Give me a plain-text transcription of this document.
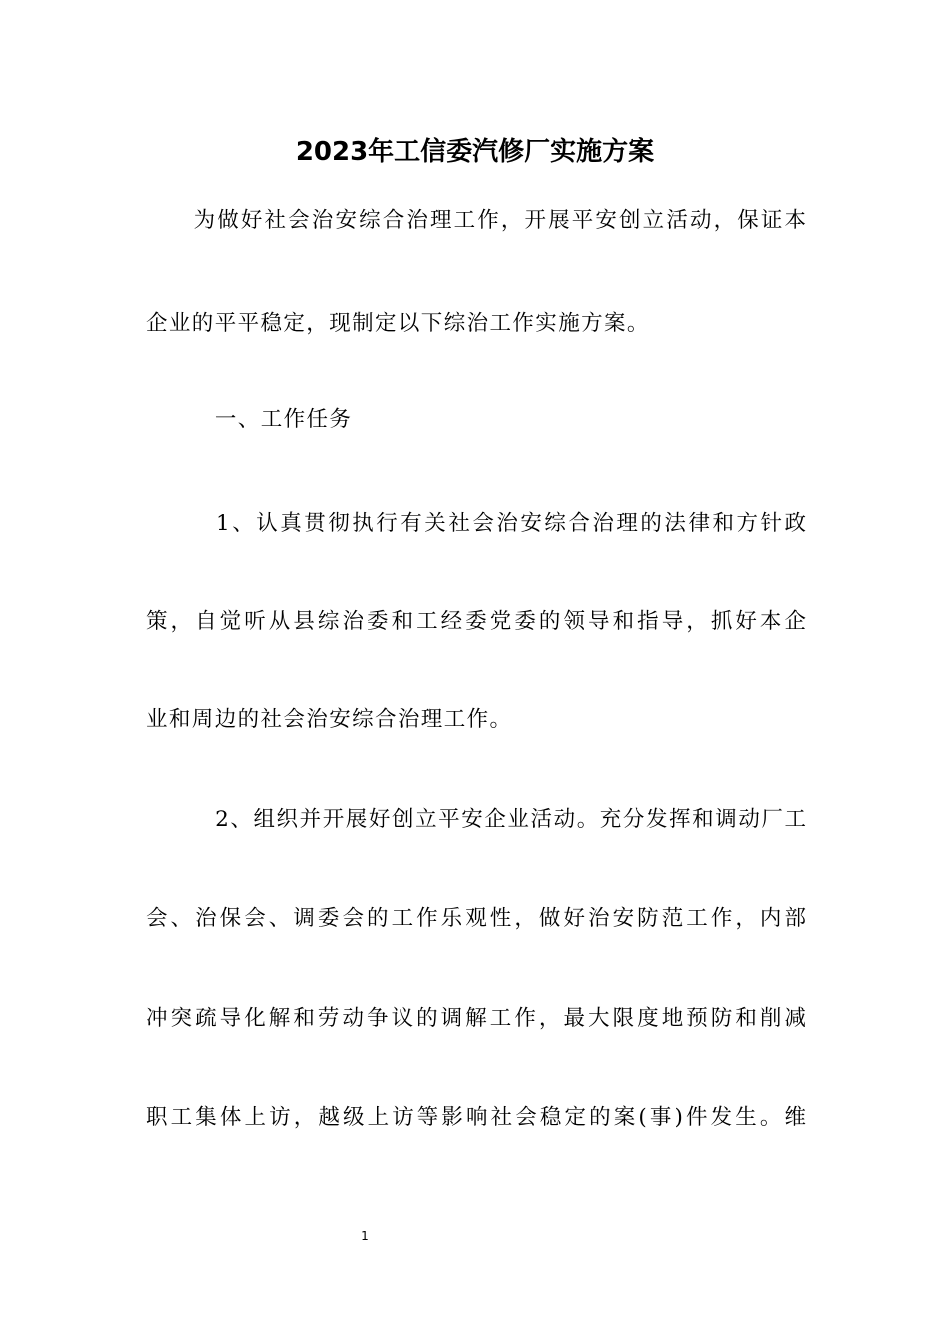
2023年工信委汽修厂实施方案
　为做好社会治安综合治理工作，开展平安创立活动，保证本
企业的平平稳定，现制定以下综治工作实施方案。
　一、工作任务
　1、认真贯彻执行有关社会治安综合治理的法律和方针政
策，自觉听从县综治委和工经委党委的领导和指导，抓好本企
业和周边的社会治安综合治理工作。
　2、组织并开展好创立平安企业活动。充分发挥和调动厂工
会、治保会、调委会的工作乐观性，做好治安防范工作，内部
冲突疏导化解和劳动争议的调解工作，最大限度地预防和削减
职工集体上访，越级上访等影响社会稳定的案(事)件发生。维
1
